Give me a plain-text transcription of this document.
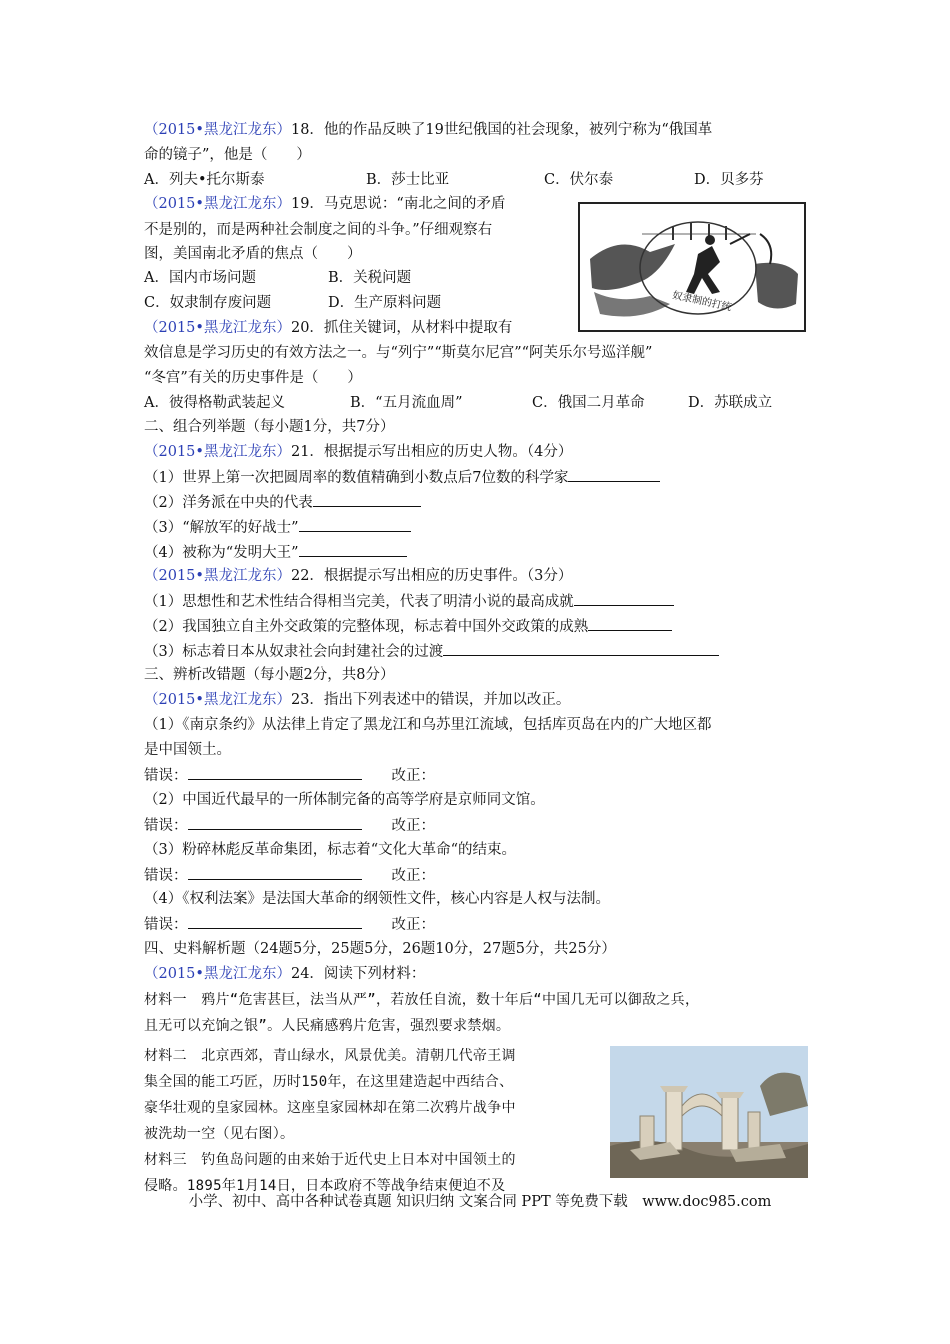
（2015•黑龙江龙东）18．他的作品反映了19世纪俄国的社会现象，被列宁称为“俄国革
命的镜子”，他是（　　）
A．列夫•托尔斯泰	B．莎士比亚	C．伏尔泰	D．贝多芬
（2015•黑龙江龙东）19．马克思说：“南北之间的矛盾
不是别的，而是两种社会制度之间的斗争。”仔细观察右
图，美国南北矛盾的焦点（　　）
A．国内市场问题	B．关税问题
C．奴隶制存废问题	D．生产原料问题	奴隶制的打统
（2015•黑龙江龙东）20．抓住关键词，从材料中提取有
效信息是学习历史的有效方法之一。与“列宁”“斯莫尔尼宫”“阿芙乐尔号巡洋舰”
“冬宫”有关的历史事件是（　　）
A．彼得格勒武装起义	B．“五月流血周”	C．俄国二月革命	D．苏联成立
二、组合列举题（每小题1分，共7分）
（2015•黑龙江龙东）21．根据提示写出相应的历史人物。（4分）
（1）世界上第一次把圆周率的数值精确到小数点后7位数的科学家
（2）洋务派在中央的代表
（3）“解放军的好战士”
（4）被称为“发明大王”
（2015•黑龙江龙东）22．根据提示写出相应的历史事件。（3分）
（1）思想性和艺术性结合得相当完美，代表了明清小说的最高成就
（2）我国独立自主外交政策的完整体现，标志着中国外交政策的成熟
（3）标志着日本从奴隶社会向封建社会的过渡
三、辨析改错题（每小题2分，共8分）
（2015•黑龙江龙东）23．指出下列表述中的错误，并加以改正。
（1）《南京条约》从法律上肯定了黑龙江和乌苏里江流域，包括库页岛在内的广大地区都
是中国领土。
错误：	改正：
（2）中国近代最早的一所体制完备的高等学府是京师同文馆。
错误：	改正：
（3）粉碎林彪反革命集团，标志着“文化大革命“的结束。
错误：	改正：
（4）《权利法案》是法国大革命的纲领性文件，核心内容是人权与法制。
错误：	改正：
四、史料解析题（24题5分，25题5分，26题10分，27题5分，共25分）
（2015•黑龙江龙东）24．阅读下列材料：
材料一　鸦片“危害甚巨，法当从严”，若放任自流，数十年后“中国几无可以御敌之兵，
且无可以充饷之银”。人民痛感鸦片危害，强烈要求禁烟。
材料二　北京西郊，青山绿水，风景优美。清朝几代帝王调
集全国的能工巧匠，历时150年，在这里建造起中西结合、
豪华壮观的皇家园林。这座皇家园林却在第二次鸦片战争中
被洗劫一空（见右图）。
材料三　钓鱼岛问题的由来始于近代史上日本对中国领土的
侵略。1895年1月14日，日本政府不等战争结束便迫不及
小学、初中、高中各种试卷真题 知识归纳 文案合同 PPT 等免费下载　www.doc985.com
